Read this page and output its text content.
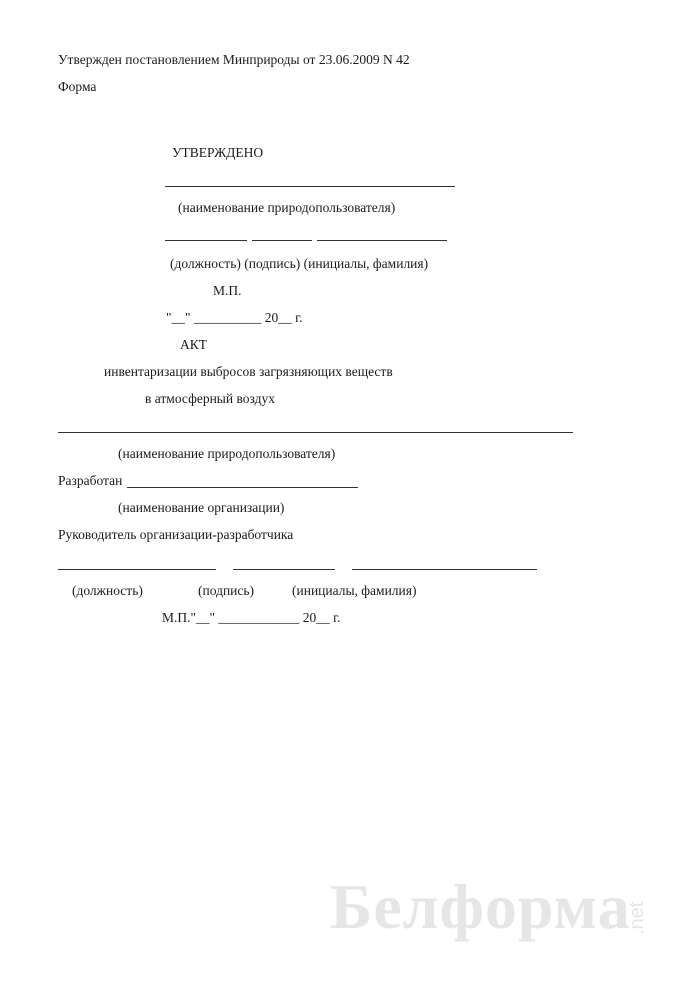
Утвержден постановлением Минприроды от 23.06.2009 N 42
Форма
УТВЕРЖДЕНО
(наименование природопользователя)
(должность) (подпись) (инициалы, фамилия)
М.П.
"__" __________ 20__ г.
АКТ
инвентаризации выбросов загрязняющих веществ
в атмосферный воздух
(наименование природопользователя)
Разработан
(наименование организации)
Руководитель организации-разработчика
(должность)	(подпись)	(инициалы, фамилия)
М.П."__" ____________ 20__ г.
Белформа
.net
